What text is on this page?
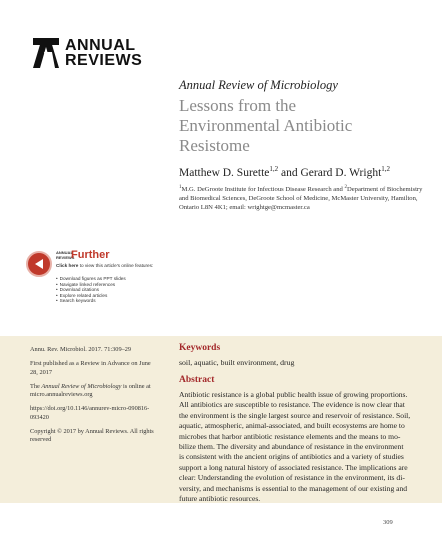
ANNUAL
REVIEWS
Annual Review of Microbiology
Lessons from the
Environmental Antibiotic
Resistome
Matthew D. Surette$^{1,2}$ and Gerard D. Wright$^{1,2}$
$^1$M.G. DeGroote Institute for Infectious Disease Research and $^2$Department of Biochemistry and Biomedical Sciences, DeGroote School of Medicine, McMaster University, Hamilton, Ontario L8N 4K1; email: wrightge@mcmaster.ca
ANNUAL
REVIEWS
Further
Click here to view this article's online features:
• Download figures as PPT slides
• Navigate linked references
• Download citations
• Explore related articles
• Search keywords

Annu. Rev. Microbiol. 2017. 71:309–29

First published as a Review in Advance on June 28, 2017

The Annual Review of Microbiology is online at micro.annualreviews.org

https://doi.org/10.1146/annurev-micro-090816-093420

Copyright © 2017 by Annual Reviews. All rights reserved

Keywords
soil, aquatic, built environment, drug
Abstract
Antibiotic resistance is a global public health issue of growing proportions.
All antibiotics are susceptible to resistance. The evidence is now clear that
the environment is the single largest source and reservoir of resistance. Soil,
aquatic, atmospheric, animal-associated, and built ecosystems are home to
microbes that harbor antibiotic resistance elements and the means to mo-
bilize them. The diversity and abundance of resistance in the environment
is consistent with the ancient origins of antibiotics and a variety of studies
support a long natural history of associated resistance. The implications are
clear: Understanding the evolution of resistance in the environment, its di-
versity, and mechanisms is essential to the management of our existing and
future antibiotic resources.
309
